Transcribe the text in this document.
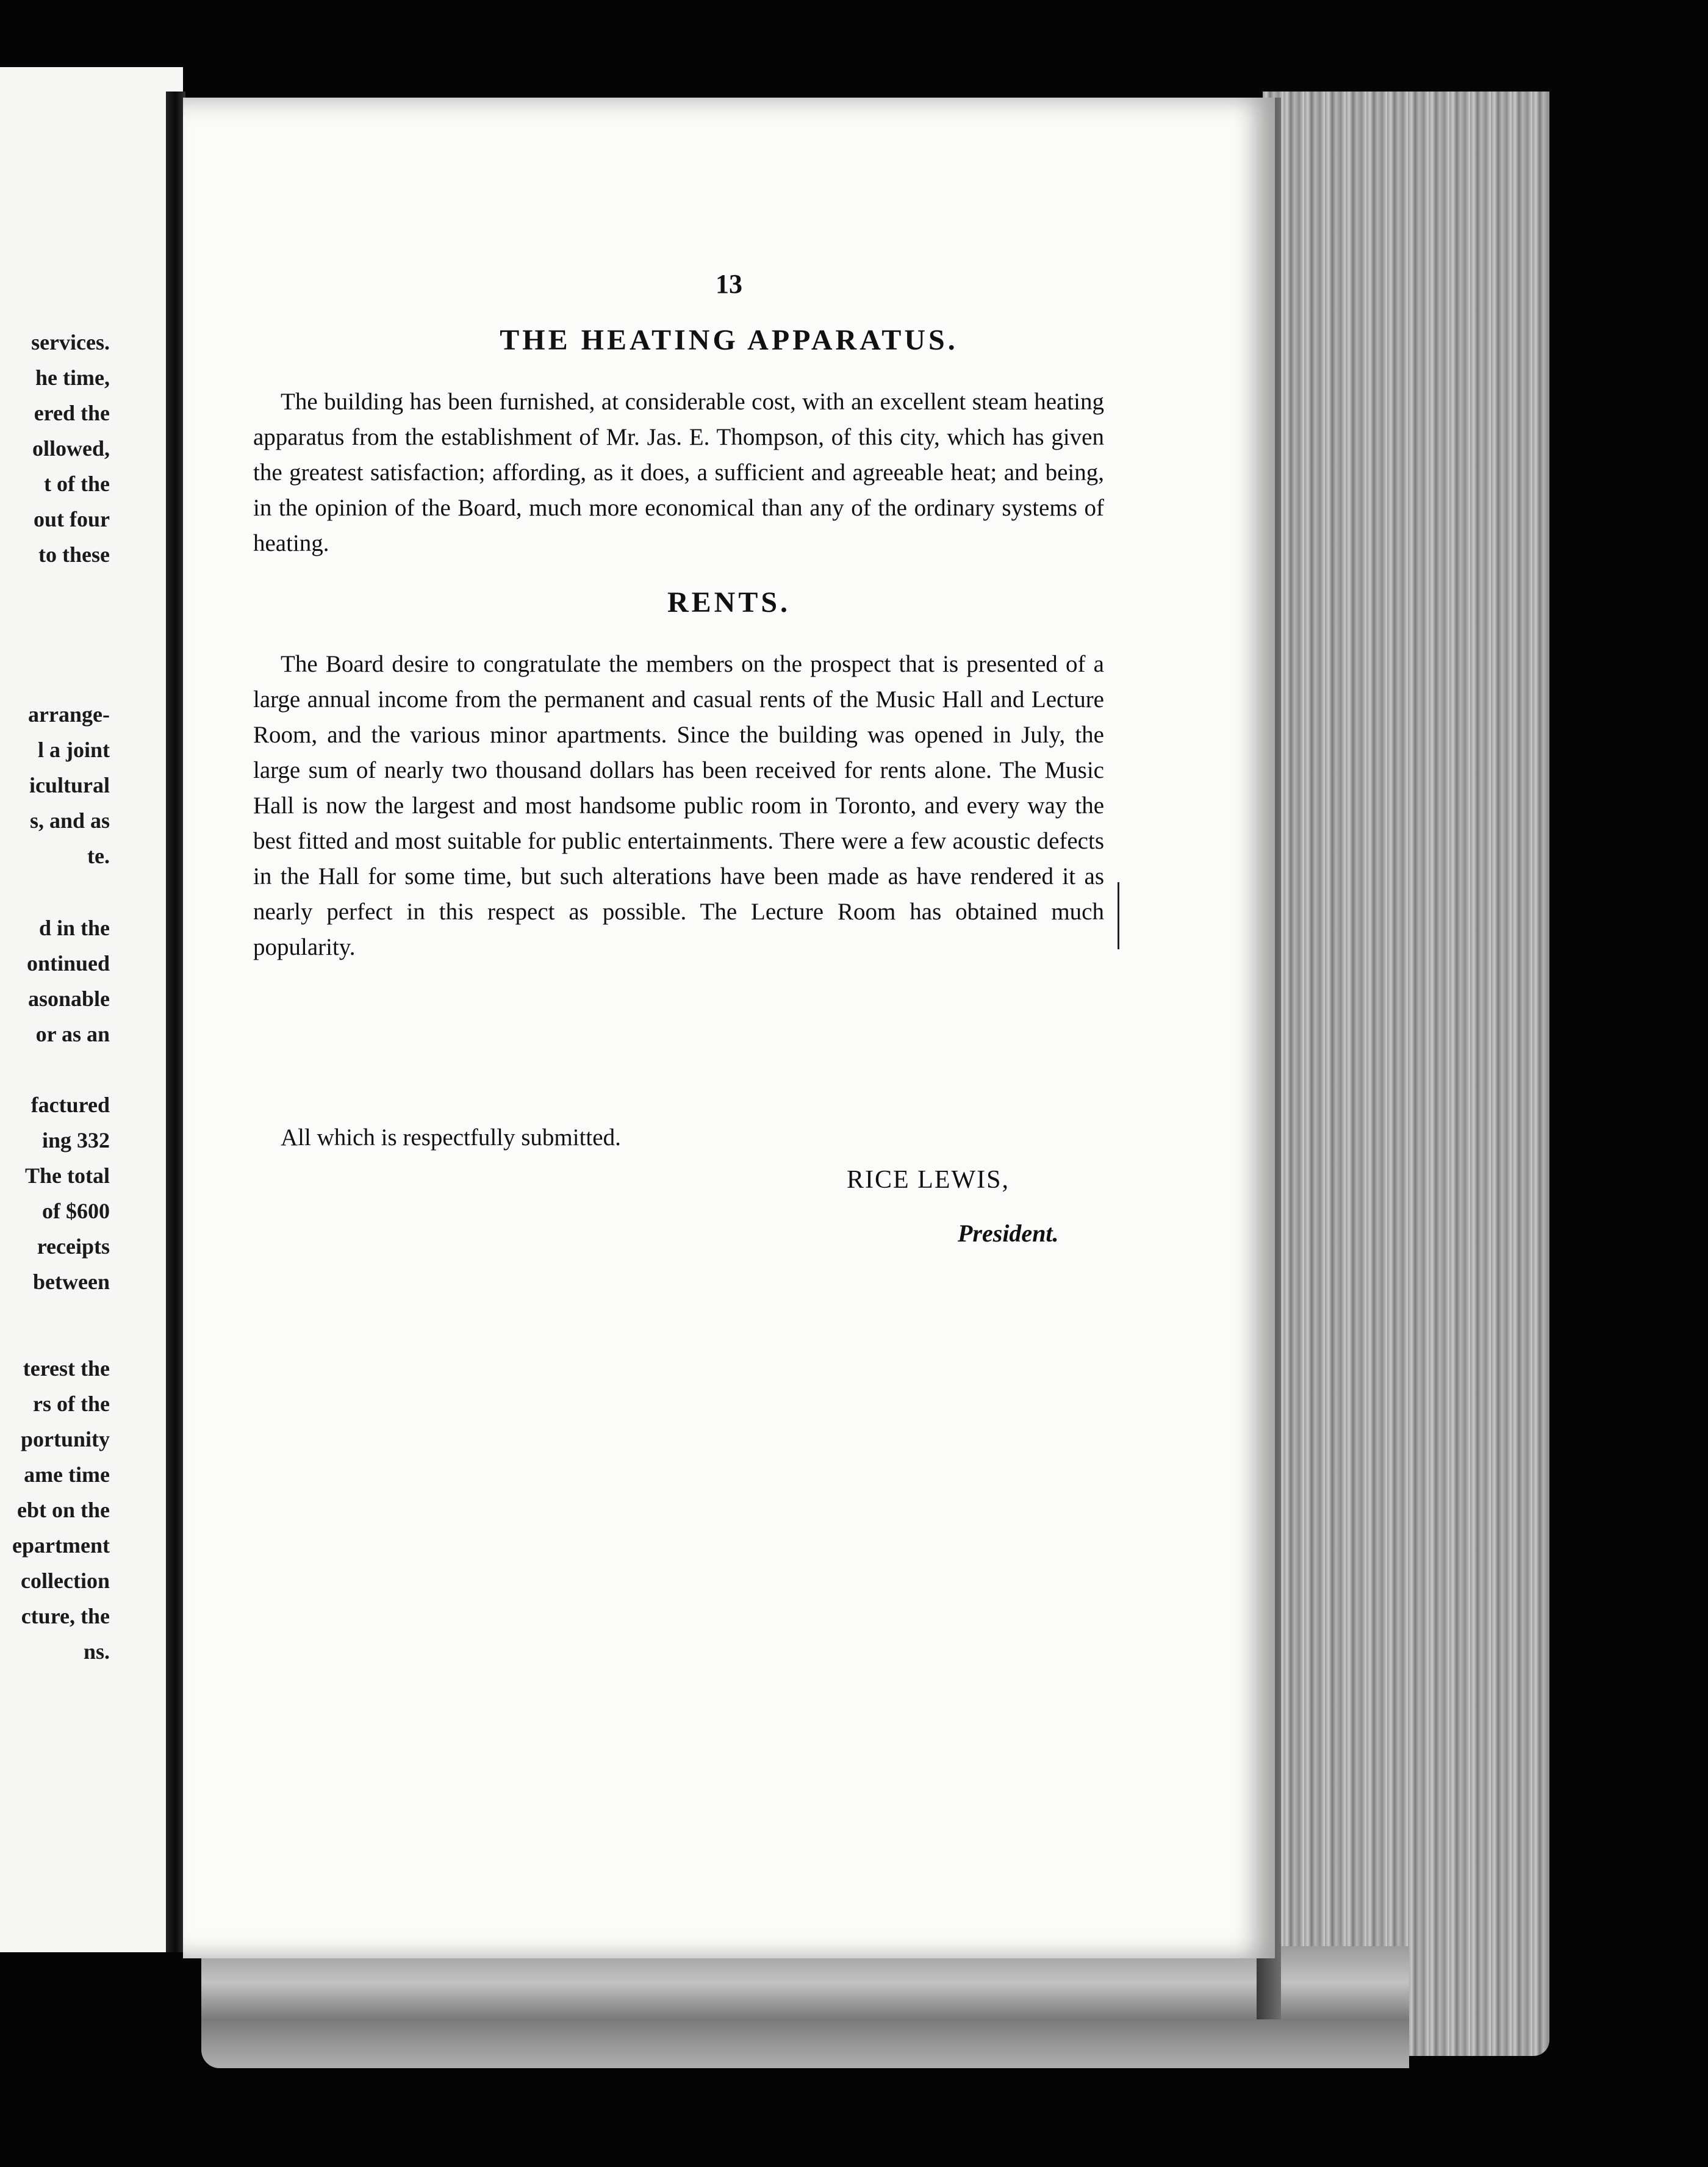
services.
he time,
ered the
ollowed,
t of the
out four
to these
arrange-
l a joint
icultural
s, and as
te.
d in the
ontinued
asonable
or as an
factured
ing 332
The total
of $600
receipts
between
terest the
rs of the
portunity
ame time
ebt on the
epartment
collection
cture, the
ns.
13
THE HEATING APPARATUS.

The building has been furnished, at considerable cost, with an excellent steam heating apparatus from the establishment of Mr. Jas. E. Thompson, of this city, which has given the greatest satisfaction; affording, as it does, a sufficient and agreeable heat; and being, in the opinion of the Board, much more economical than any of the ordinary systems of heating.

RENTS.

The Board desire to congratulate the members on the prospect that is presented of a large annual income from the permanent and casual rents of the Music Hall and Lecture Room, and the various minor apartments. Since the building was opened in July, the large sum of nearly two thousand dollars has been received for rents alone. The Music Hall is now the largest and most handsome public room in Toronto, and every way the best fitted and most suitable for public entertainments. There were a few acoustic defects in the Hall for some time, but such alterations have been made as have rendered it as nearly perfect in this respect as possible. The Lecture Room has obtained much popularity.

All which is respectfully submitted.

RICE LEWIS,

President.
